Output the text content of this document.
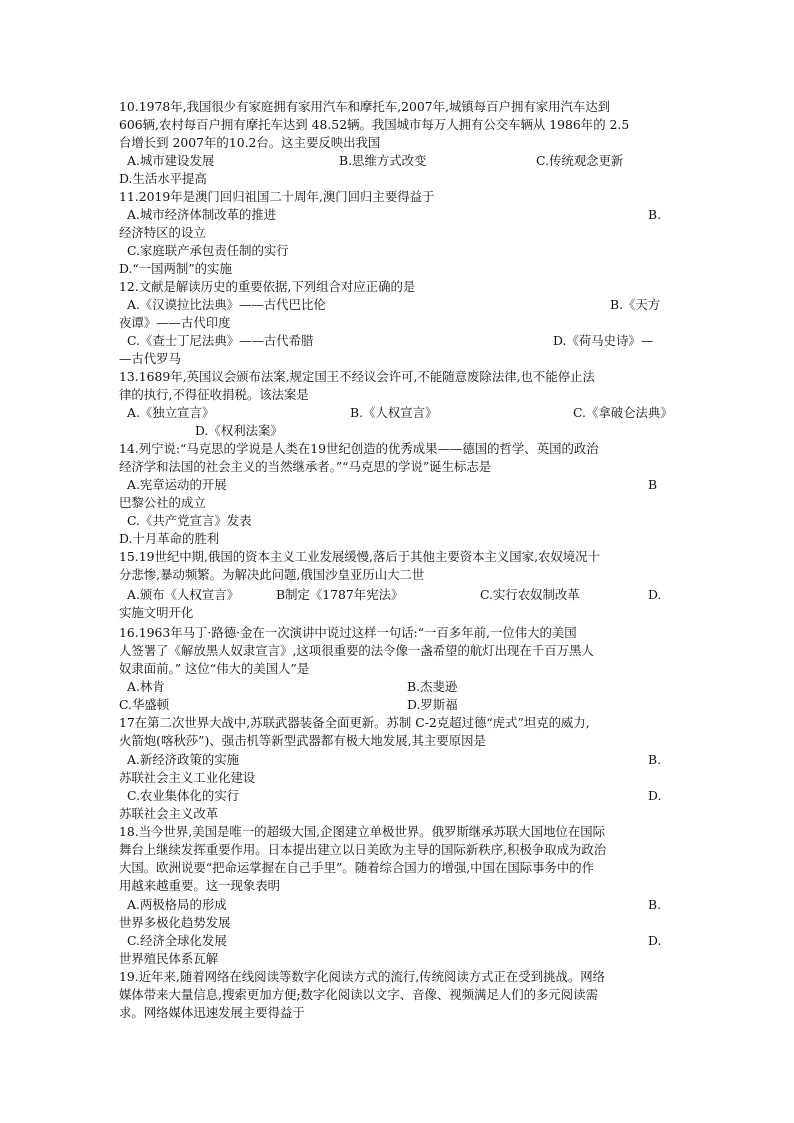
10.1978年,我国很少有家庭拥有家用汽车和摩托车,2007年,城镇每百户拥有家用汽车达到
606辆,农村每百户拥有摩托车达到 48.52辆。我国城市每万人拥有公交车辆从 1986年的 2.5
台增长到 2007年的10.2台。这主要反映出我国
A.城市建设发展	B.思维方式改变	C.传统观念更新
D.生活水平提高
11.2019年是澳门回归祖国二十周年,澳门回归主要得益于
A.城市经济体制改革的推进	B.
经济特区的设立
C.家庭联产承包责任制的实行
D.“一国两制”的实施
12.文献是解读历史的重要依据,下列组合对应正确的是
A.《汉谟拉比法典》——古代巴比伦	B.《天方
夜谭》——古代印度
C.《查士丁尼法典》——古代希腊	D.《荷马史诗》—
—古代罗马
13.1689年,英国议会颁布法案,规定国王不经议会许可,不能随意废除法律,也不能停止法
律的执行,不得征收捐税。该法案是
A.《独立宣言》	B.《人权宣言》	C.《拿破仑法典》
D.《权利法案》
14.列宁说:“马克思的学说是人类在19世纪创造的优秀成果——德国的哲学、英国的政治
经济学和法国的社会主义的当然继承者。”“马克思的学说”诞生标志是
A.宪章运动的开展	B
巴黎公社的成立
C.《共产党宣言》发表
D.十月革命的胜利
15.19世纪中期,俄国的资本主义工业发展缓慢,落后于其他主要资本主义国家,农奴境况十
分悲惨,暴动频繁。为解决此问题,俄国沙皇亚历山大二世
A.颁布《人权宣言》	B制定《1787年宪法》	C.实行农奴制改革	D.
实施文明开化
16.1963年马丁·路德·金在一次演讲中说过这样一句话:“一百多年前,一位伟大的美国
人签署了《解放黑人奴隶宣言》,这项很重要的法令像一盏希望的航灯出现在千百万黑人
奴隶面前。” 这位“伟大的美国人”是
A.林肯	B.杰斐逊
C.华盛顿	D.罗斯福
17在第二次世界大战中,苏联武器装备全面更新。苏制 C-2克超过德“虎式”坦克的威力,
火箭炮(喀秋莎”)、强击机等新型武器都有极大地发展,其主要原因是
A.新经济政策的实施	B.
苏联社会主义工业化建设
C.农业集体化的实行	D.
苏联社会主义改革
18.当今世界,美国是唯一的超级大国,企图建立单极世界。俄罗斯继承苏联大国地位在国际
舞台上继续发挥重要作用。日本提出建立以日美欧为主导的国际新秩序,积极争取成为政治
大国。欧洲说要“把命运掌握在自己手里”。随着综合国力的增强,中国在国际事务中的作
用越来越重要。这一现象表明
A.两极格局的形成	B.
世界多极化趋势发展
C.经济全球化发展	D.
世界殖民体系瓦解
19.近年来,随着网络在线阅读等数字化阅读方式的流行,传统阅读方式正在受到挑战。网络
媒体带来大量信息,搜索更加方便;数字化阅读以文字、音像、视频满足人们的多元阅读需
求。网络媒体迅速发展主要得益于
